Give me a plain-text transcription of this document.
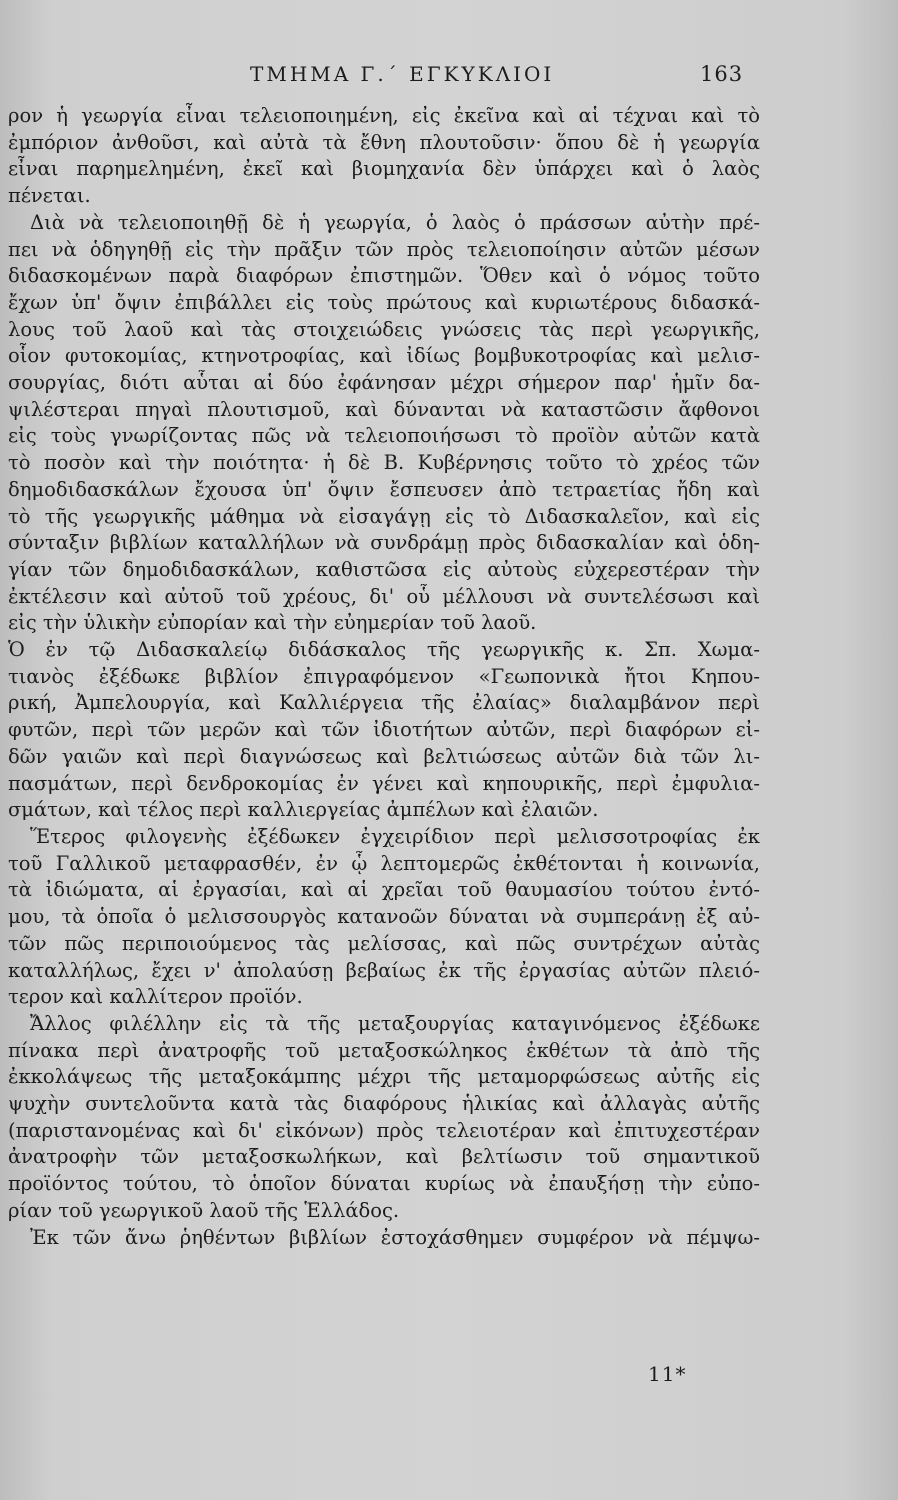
ΤΜΗΜΑ Γ.΄ ΕΓΚΥΚΛΙΟΙ	163

ρον ἡ γεωργία εἶναι τελειοποιημένη, εἰς ἐκεῖνα καὶ αἱ τέχναι καὶ τὸ
ἐμπόριον ἀνθοῦσι, καὶ αὐτὰ τὰ ἔθνη πλουτοῦσιν· ὅπου δὲ ἡ γεωργία
εἶναι παρημελημένη, ἐκεῖ καὶ βιομηχανία δὲν ὑπάρχει καὶ ὁ λαὸς
πένεται.

Διὰ νὰ τελειοποιηθῇ δὲ ἡ γεωργία, ὁ λαὸς ὁ πράσσων αὐτὴν πρέ-
πει νὰ ὁδηγηθῇ εἰς τὴν πρᾶξιν τῶν πρὸς τελειοποίησιν αὐτῶν μέσων
διδασκομένων παρὰ διαφόρων ἐπιστημῶν. Ὅθεν καὶ ὁ νόμος τοῦτο
ἔχων ὑπ' ὄψιν ἐπιβάλλει εἰς τοὺς πρώτους καὶ κυριωτέρους διδασκά-
λους τοῦ λαοῦ καὶ τὰς στοιχειώδεις γνώσεις τὰς περὶ γεωργικῆς,
οἷον φυτοκομίας, κτηνοτροφίας, καὶ ἰδίως βομβυκοτροφίας καὶ μελισ-
σουργίας, διότι αὗται αἱ δύο ἐφάνησαν μέχρι σήμερον παρ' ἡμῖν δα-
ψιλέστεραι πηγαὶ πλουτισμοῦ, καὶ δύνανται νὰ καταστῶσιν ἄφθονοι
εἰς τοὺς γνωρίζοντας πῶς νὰ τελειοποιήσωσι τὸ προϊὸν αὐτῶν κατὰ
τὸ ποσὸν καὶ τὴν ποιότητα· ἡ δὲ Β. Κυβέρνησις τοῦτο τὸ χρέος τῶν
δημοδιδασκάλων ἔχουσα ὑπ' ὄψιν ἔσπευσεν ἀπὸ τετραετίας ἤδη καὶ
τὸ τῆς γεωργικῆς μάθημα νὰ εἰσαγάγῃ εἰς τὸ Διδασκαλεῖον, καὶ εἰς
σύνταξιν βιβλίων καταλλήλων νὰ συνδράμῃ πρὸς διδασκαλίαν καὶ ὁδη-
γίαν τῶν δημοδιδασκάλων, καθιστῶσα εἰς αὐτοὺς εὐχερεστέραν τὴν
ἐκτέλεσιν καὶ αὐτοῦ τοῦ χρέους, δι' οὗ μέλλουσι νὰ συντελέσωσι καὶ
εἰς τὴν ὑλικὴν εὐπορίαν καὶ τὴν εὐημερίαν τοῦ λαοῦ.

Ὁ ἐν τῷ Διδασκαλείῳ διδάσκαλος τῆς γεωργικῆς κ. Σπ. Χωμα-
τιανὸς ἐξέδωκε βιβλίον ἐπιγραφόμενον «Γεωπονικὰ ἤτοι Κηπου-
ρική, Ἀμπελουργία, καὶ Καλλιέργεια τῆς ἐλαίας» διαλαμβάνον περὶ
φυτῶν, περὶ τῶν μερῶν καὶ τῶν ἰδιοτήτων αὐτῶν, περὶ διαφόρων εἰ-
δῶν γαιῶν καὶ περὶ διαγνώσεως καὶ βελτιώσεως αὐτῶν διὰ τῶν λι-
πασμάτων, περὶ δενδροκομίας ἐν γένει καὶ κηπουρικῆς, περὶ ἐμφυλια-
σμάτων, καὶ τέλος περὶ καλλιεργείας ἀμπέλων καὶ ἐλαιῶν.

Ἕτερος φιλογενὴς ἐξέδωκεν ἐγχειρίδιον περὶ μελισσοτροφίας ἐκ
τοῦ Γαλλικοῦ μεταφρασθέν, ἐν ᾧ λεπτομερῶς ἐκθέτονται ἡ κοινωνία,
τὰ ἰδιώματα, αἱ ἐργασίαι, καὶ αἱ χρεῖαι τοῦ θαυμασίου τούτου ἐντό-
μου, τὰ ὁποῖα ὁ μελισσουργὸς κατανοῶν δύναται νὰ συμπεράνῃ ἐξ αὐ-
τῶν πῶς περιποιούμενος τὰς μελίσσας, καὶ πῶς συντρέχων αὐτὰς
καταλλήλως, ἔχει ν' ἀπολαύσῃ βεβαίως ἐκ τῆς ἐργασίας αὐτῶν πλειό-
τερον καὶ καλλίτερον προϊόν.

Ἄλλος φιλέλλην εἰς τὰ τῆς μεταξουργίας καταγινόμενος ἐξέδωκε
πίνακα περὶ ἀνατροφῆς τοῦ μεταξοσκώληκος ἐκθέτων τὰ ἀπὸ τῆς
ἐκκολάψεως τῆς μεταξοκάμπης μέχρι τῆς μεταμορφώσεως αὐτῆς εἰς
ψυχὴν συντελοῦντα κατὰ τὰς διαφόρους ἡλικίας καὶ ἀλλαγὰς αὐτῆς
(παριστανομένας καὶ δι' εἰκόνων) πρὸς τελειοτέραν καὶ ἐπιτυχεστέραν
ἀνατροφὴν τῶν μεταξοσκωλήκων, καὶ βελτίωσιν τοῦ σημαντικοῦ
προϊόντος τούτου, τὸ ὁποῖον δύναται κυρίως νὰ ἐπαυξήσῃ τὴν εὐπο-
ρίαν τοῦ γεωργικοῦ λαοῦ τῆς Ἑλλάδος.

Ἐκ τῶν ἄνω ῥηθέντων βιβλίων ἐστοχάσθημεν συμφέρον νὰ πέμψω-

11*
